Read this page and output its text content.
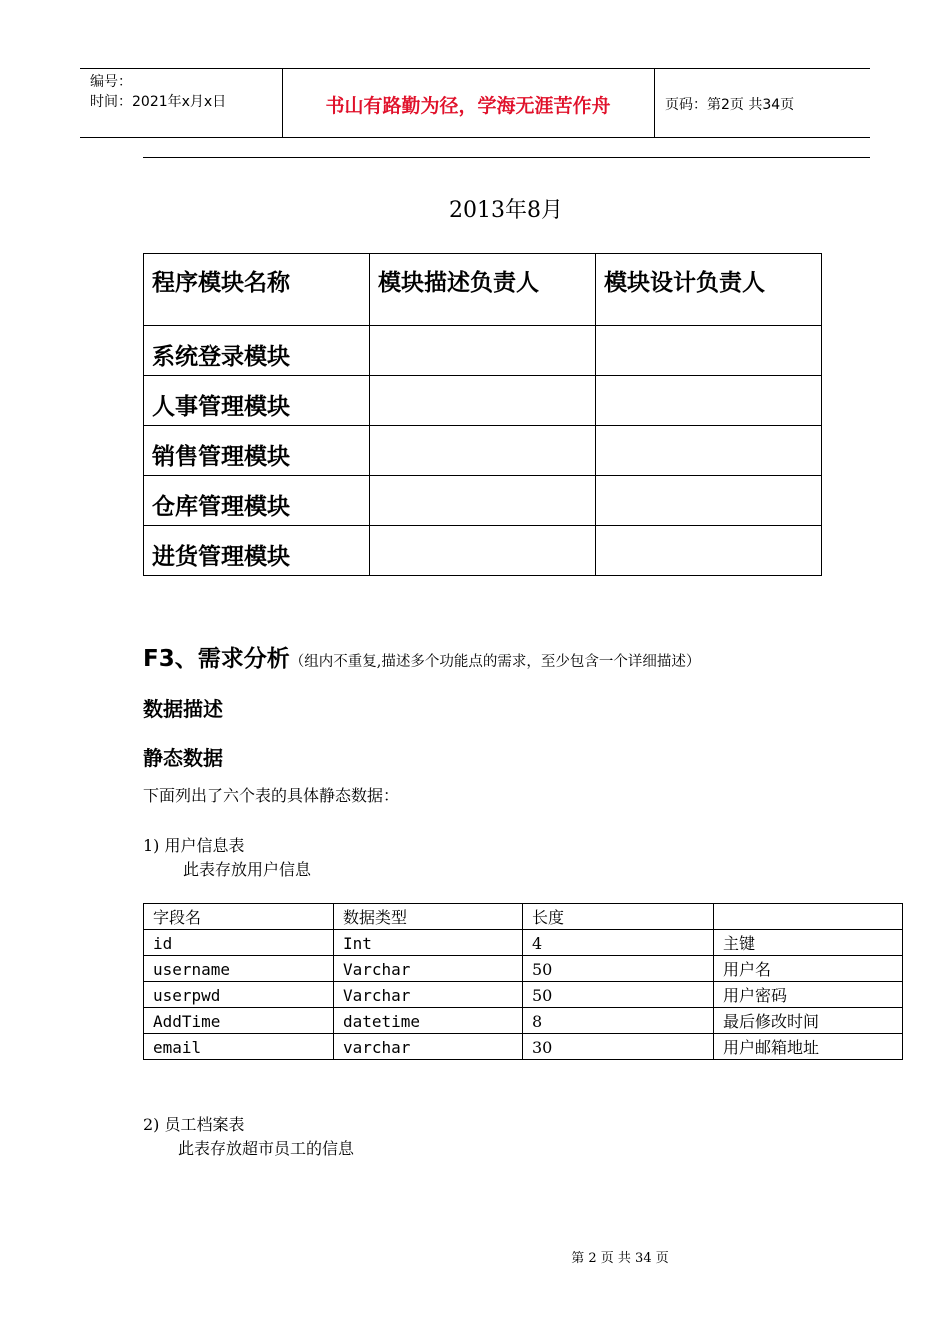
编号：
时间：2021年x月x日	书山有路勤为径，学海无涯苦作舟	页码：第2页 共34页
2013年8月
程序模块名称	模块描述负责人	模块设计负责人
系统登录模块		
人事管理模块		
销售管理模块		
仓库管理模块		
进货管理模块		
F3、需求分析（组内不重复,描述多个功能点的需求，至少包含一个详细描述）
数据描述
静态数据
下面列出了六个表的具体静态数据：
1) 用户信息表
此表存放用户信息
字段名	数据类型	长度	
id	Int	4	主键
username	Varchar	50	用户名
userpwd	Varchar	50	用户密码
AddTime	datetime	8	最后修改时间
email	varchar	30	用户邮箱地址
2) 员工档案表
此表存放超市员工的信息
第 2 页 共 34 页
